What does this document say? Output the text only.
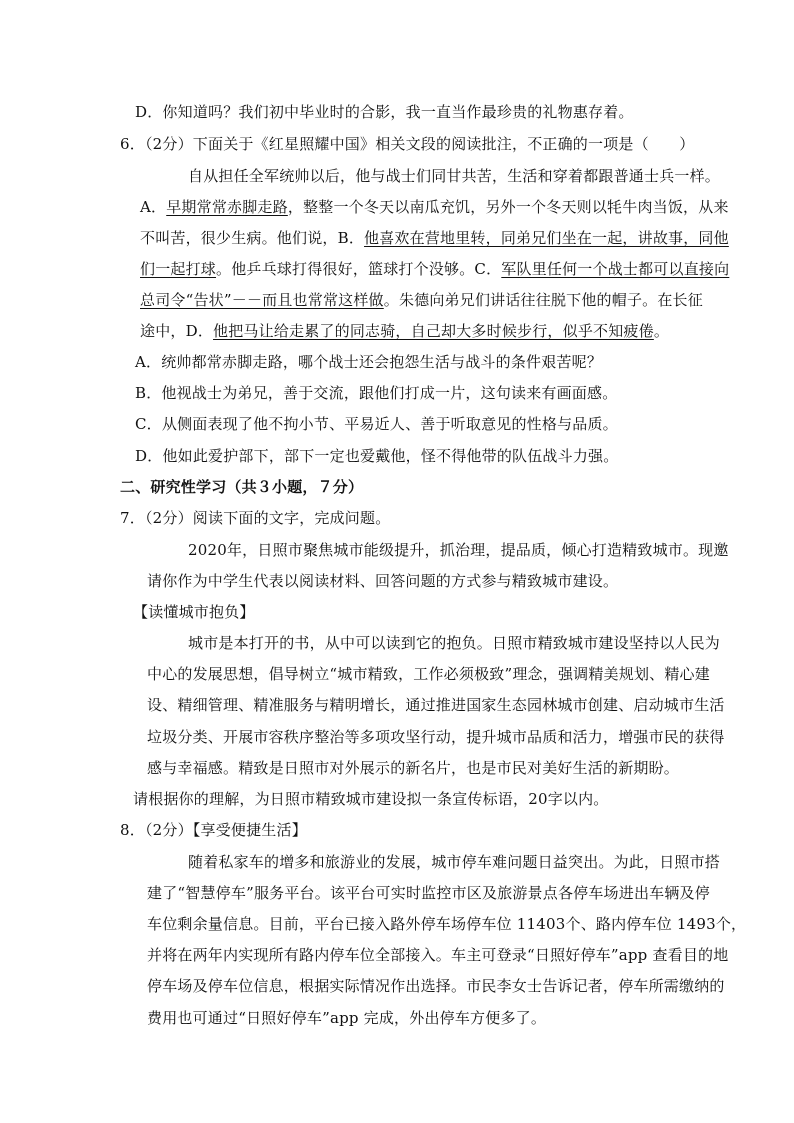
D．你知道吗？我们初中毕业时的合影，我一直当作最珍贵的礼物惠存着。
6．（2分）下面关于《红星照耀中国》相关文段的阅读批注，不正确的一项是（　　）
自从担任全军统帅以后，他与战士们同甘共苦，生活和穿着都跟普通士兵一样。
A．早期常常赤脚走路，整整一个冬天以南瓜充饥，另外一个冬天则以牦牛肉当饭，从来
不叫苦，很少生病。他们说，B．他喜欢在营地里转，同弟兄们坐在一起，讲故事，同他
们一起打球。他乒乓球打得很好，篮球打个没够。C．军队里任何一个战士都可以直接向
总司令“告状”－－而且也常常这样做。朱德向弟兄们讲话往往脱下他的帽子。在长征
途中，D．他把马让给走累了的同志骑，自己却大多时候步行，似乎不知疲倦。
A．统帅都常赤脚走路，哪个战士还会抱怨生活与战斗的条件艰苦呢？
B．他视战士为弟兄，善于交流，跟他们打成一片，这句读来有画面感。
C．从侧面表现了他不拘小节、平易近人、善于听取意见的性格与品质。
D．他如此爱护部下，部下一定也爱戴他，怪不得他带的队伍战斗力强。
二、研究性学习（共３小题，７分）
7．（2分）阅读下面的文字，完成问题。
2020年，日照市聚焦城市能级提升，抓治理，提品质，倾心打造精致城市。现邀
请你作为中学生代表以阅读材料、回答问题的方式参与精致城市建设。
【读懂城市抱负】
城市是本打开的书，从中可以读到它的抱负。日照市精致城市建设坚持以人民为
中心的发展思想，倡导树立“城市精致，工作必须极致”理念，强调精美规划、精心建
设、精细管理、精准服务与精明增长，通过推进国家生态园林城市创建、启动城市生活
垃圾分类、开展市容秩序整治等多项攻坚行动，提升城市品质和活力，增强市民的获得
感与幸福感。精致是日照市对外展示的新名片，也是市民对美好生活的新期盼。
请根据你的理解，为日照市精致城市建设拟一条宣传标语，20字以内。
8．（2分）【享受便捷生活】
随着私家车的增多和旅游业的发展，城市停车难问题日益突出。为此，日照市搭
建了“智慧停车”服务平台。该平台可实时监控市区及旅游景点各停车场进出车辆及停
车位剩余量信息。目前，平台已接入路外停车场停车位 11403个、路内停车位 1493个，
并将在两年内实现所有路内停车位全部接入。车主可登录“日照好停车”app 查看目的地
停车场及停车位信息，根据实际情况作出选择。市民李女士告诉记者，停车所需缴纳的
费用也可通过“日照好停车”app 完成，外出停车方便多了。
